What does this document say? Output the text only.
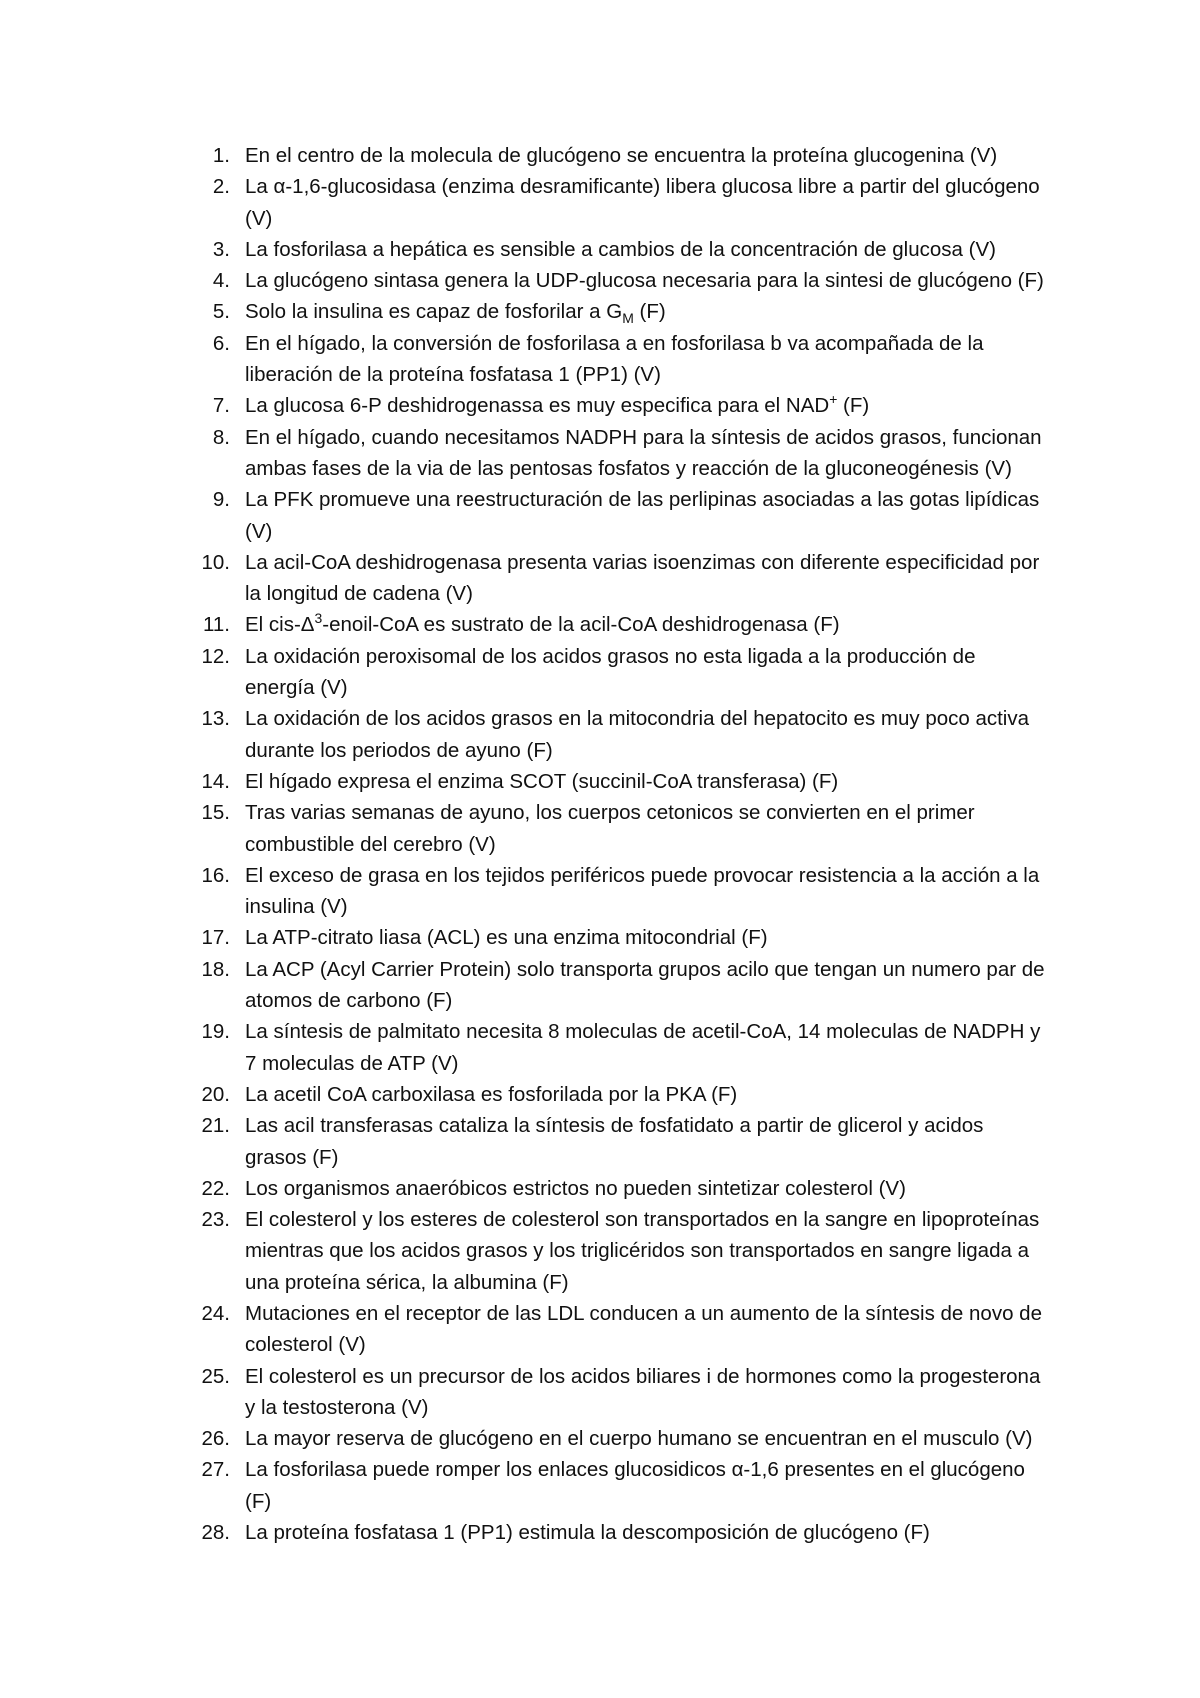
1. En el centro de la molecula de glucógeno se encuentra la proteína glucogenina (V)
2. La α-1,6-glucosidasa (enzima desramificante) libera glucosa libre a partir del glucógeno (V)
3. La fosforilasa a hepática es sensible a cambios de la concentración de glucosa (V)
4. La glucógeno sintasa genera la UDP-glucosa necesaria para la sintesi de glucógeno (F)
5. Solo la insulina es capaz de fosforilar a $G_M$ (F)
6. En el hígado, la conversión de fosforilasa a en fosforilasa b va acompañada de la liberación de la proteína fosfatasa 1 (PP1) (V)
7. La glucosa 6-P deshidrogenassa es muy especifica para el NAD+ (F)
8. En el hígado, cuando necesitamos NADPH para la síntesis de acidos grasos, funcionan ambas fases de la via de las pentosas fosfatos y reacción de la gluconeogénesis (V)
9. La PFK promueve una reestructuración de las perlipinas asociadas a las gotas lipídicas (V)
10. La acil-CoA deshidrogenasa presenta varias isoenzimas con diferente especificidad por la longitud de cadena (V)
11. El cis-$\Delta^3-enoil$-CoA es sustrato de la acil-CoA deshidrogenasa (F)
12. La oxidación peroxisomal de los acidos grasos no esta ligada a la producción de energía (V)
13. La oxidación de los acidos grasos en la mitocondria del hepatocito es muy poco activa durante los periodos de ayuno (F)
14. El hígado expresa el enzima SCOT (succinil-CoA transferasa) (F)
15. Tras varias semanas de ayuno, los cuerpos cetonicos se convierten en el primer combustible del cerebro (V)
16. El exceso de grasa en los tejidos periféricos puede provocar resistencia a la acción a la insulina (V)
17. La ATP-citrato liasa (ACL) es una enzima mitocondrial (F)
18. La ACP (Acyl Carrier Protein) solo transporta grupos acilo que tengan un numero par de atomos de carbono (F)
19. La síntesis de palmitato necesita 8 moleculas de acetil-CoA, 14 moleculas de NADPH y 7 moleculas de ATP (V)
20. La acetil CoA carboxilasa es fosforilada por la PKA (F)
21. Las acil transferasas cataliza la síntesis de fosfatidato a partir de glicerol y acidos grasos (F)
22. Los organismos anaeróbicos estrictos no pueden sintetizar colesterol (V)
23. El colesterol y los esteres de colesterol son transportados en la sangre en lipoproteínas mientras que los acidos grasos y los triglicéridos son transportados en sangre ligada a una proteína sérica, la albumina (F)
24. Mutaciones en el receptor de las LDL conducen a un aumento de la síntesis de novo de colesterol (V)
25. El colesterol es un precursor de los acidos biliares i de hormones como la progesterona y la testosterona (V)
26. La mayor reserva de glucógeno en el cuerpo humano se encuentran en el musculo (V)
27. La fosforilasa puede romper los enlaces glucosidicos α-1,6 presentes en el glucógeno (F)
28. La proteína fosfatasa 1 (PP1) estimula la descomposición de glucógeno (F)
